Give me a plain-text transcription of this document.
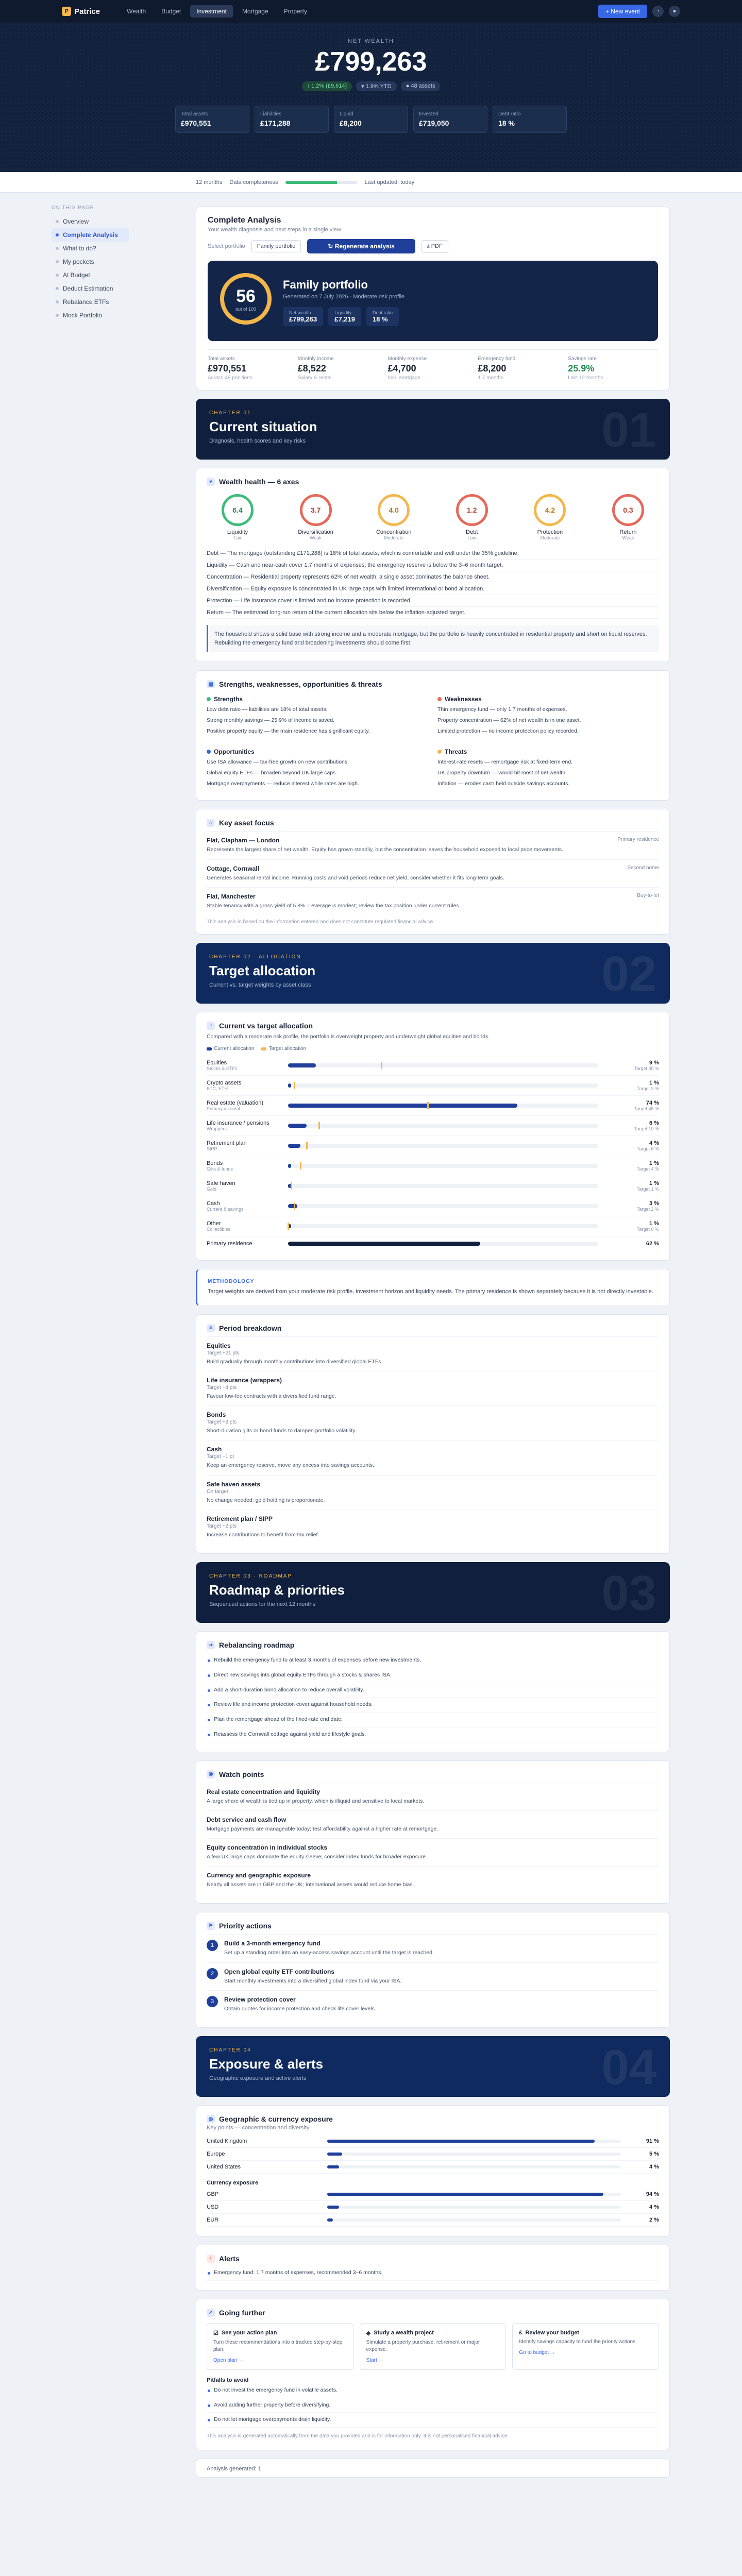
P Patrice	Wealth	Budget	Investment	Mortgage	Property	+ New event	◔	●
NET WEALTH
£799,263
↑ 1.2% (£9,614)	▾ 1.9% YTD	● 48 assets
Total assets
£970,551
Liabilities
£171,288
Liquid
£8,200
Invested
£719,050
Debt ratio
18 %
12 months Data completeness	Last updated: today
ON THIS PAGE
Overview
Complete Analysis
What to do?
My pockets
AI Budget
Deduct Estimation
Rebalance ETFs
Mock Portfolio
Complete Analysis
Your wealth diagnosis and next steps in a single view
Select portfolio	Family portfolio	↻ Regenerate analysis	⤓ PDF
56
out of 100
Family portfolio
Generated on 7 July 2026 · Moderate risk profile
Net wealth
£799,263
Liquidity
£7,219
Debt ratio
18 %
Total assets
£970,551
Across 48 positions
Monthly income
£8,522
Salary & rental
Monthly expense
£4,700
Incl. mortgage
Emergency fund
£8,200
1.7 months
Savings rate
25.9%
Last 12 months
CHAPTER 01
Current situation
Diagnosis, health scores and key risks	01
♥ Wealth health — 6 axes
6.4
Liquidity
Fair
3.7
Diversification
Weak
4.0
Concentration
Moderate
1.2
Debt
Low
4.2
Protection
Moderate
0.3
Return
Weak
Debt — The mortgage (outstanding £171,288) is 18% of total assets, which is comfortable and well under the 35% guideline.
Liquidity — Cash and near-cash cover 1.7 months of expenses; the emergency reserve is below the 3–6 month target.
Concentration — Residential property represents 62% of net wealth; a single asset dominates the balance sheet.
Diversification — Equity exposure is concentrated in UK large caps with limited international or bond allocation.
Protection — Life insurance cover is limited and no income protection is recorded.
Return — The estimated long-run return of the current allocation sits below the inflation-adjusted target.
The household shows a solid base with strong income and a moderate mortgage, but the portfolio is heavily concentrated in residential property and short on liquid reserves. Rebuilding the emergency fund and broadening investments should come first.
▦ Strengths, weaknesses, opportunities & threats
Strengths
Low debt ratio — liabilities are 18% of total assets.
Strong monthly savings — 25.9% of income is saved.
Positive property equity — the main residence has significant equity.
Weaknesses
Thin emergency fund — only 1.7 months of expenses.
Property concentration — 62% of net wealth is in one asset.
Limited protection — no income protection policy recorded.
Opportunities
Use ISA allowance — tax-free growth on new contributions.
Global equity ETFs — broaden beyond UK large caps.
Mortgage overpayments — reduce interest while rates are high.
Threats
Interest-rate resets — remortgage risk at fixed-term end.
UK property downturn — would hit most of net wealth.
Inflation — erodes cash held outside savings accounts.
⌂ Key asset focus
Flat, Clapham — London	Primary residence
Represents the largest share of net wealth. Equity has grown steadily, but the concentration leaves the household exposed to local price movements.
Cottage, Cornwall	Second home
Generates seasonal rental income. Running costs and void periods reduce net yield; consider whether it fits long-term goals.
Flat, Manchester	Buy-to-let
Stable tenancy with a gross yield of 5.8%. Leverage is modest; review the tax position under current rules.
This analysis is based on the information entered and does not constitute regulated financial advice.
CHAPTER 02 · ALLOCATION
Target allocation
Current vs. target weights by asset class	02
◔ Current vs target allocation
Compared with a moderate risk profile, the portfolio is overweight property and underweight global equities and bonds.
Current allocation	Target allocation
Equities
Stocks & ETFs
9 %
Target 30 %
Crypto assets
BTC, ETH
1 %
Target 2 %
Real estate (valuation)
Primary & rental
74 %
Target 45 %
Life insurance / pensions
Wrappers
6 %
Target 10 %
Retirement plan
SIPP
4 %
Target 6 %
Bonds
Gilts & funds
1 %
Target 4 %
Safe haven
Gold
1 %
Target 1 %
Cash
Current & savings
3 %
Target 2 %
Other
Collectibles
1 %
Target 0 %
Primary residence	62 %
METHODOLOGY
Target weights are derived from your moderate risk profile, investment horizon and liquidity needs. The primary residence is shown separately because it is not directly investable.
≡ Period breakdown
Equities
Target +21 pts
Build gradually through monthly contributions into diversified global ETFs.
Life insurance (wrappers)
Target +4 pts
Favour low-fee contracts with a diversified fund range.
Bonds
Target +3 pts
Short-duration gilts or bond funds to dampen portfolio volatility.
Cash
Target −1 pt
Keep an emergency reserve, move any excess into savings accounts.
Safe haven assets
On target
No change needed; gold holding is proportionate.
Retirement plan / SIPP
Target +2 pts
Increase contributions to benefit from tax relief.
CHAPTER 03 · ROADMAP
Roadmap & priorities
Sequenced actions for the next 12 months	03
➜ Rebalancing roadmap
Rebuild the emergency fund to at least 3 months of expenses before new investments.
Direct new savings into global equity ETFs through a stocks & shares ISA.
Add a short-duration bond allocation to reduce overall volatility.
Review life and income protection cover against household needs.
Plan the remortgage ahead of the fixed-rate end date.
Reassess the Cornwall cottage against yield and lifestyle goals.
◉ Watch points
Real estate concentration and liquidity
A large share of wealth is tied up in property, which is illiquid and sensitive to local markets.
Debt service and cash flow
Mortgage payments are manageable today; test affordability against a higher rate at remortgage.
Equity concentration in individual stocks
A few UK large caps dominate the equity sleeve; consider index funds for broader exposure.
Currency and geographic exposure
Nearly all assets are in GBP and the UK; international assets would reduce home bias.
⚑ Priority actions
1	Build a 3-month emergency fund
Set up a standing order into an easy-access savings account until the target is reached.
2	Open global equity ETF contributions
Start monthly investments into a diversified global index fund via your ISA.
3	Review protection cover
Obtain quotes for income protection and check life cover levels.
CHAPTER 04
Exposure & alerts
Geographic exposure and active alerts	04
◍ Geographic & currency exposure
Key points — concentration and diversity
United Kingdom	91 %
Europe	5 %
United States	4 %
Currency exposure
GBP	94 %
USD	4 %
EUR	2 %
!	Alerts
Emergency fund: 1.7 months of expenses, recommended 3–6 months.
➚ Going further
☑ See your action plan
Turn these recommendations into a tracked step-by-step plan.
Open plan →
◈ Study a wealth project
Simulate a property purchase, retirement or major expense.
Start →
£ Review your budget
Identify savings capacity to fund the priority actions.
Go to budget →
Pitfalls to avoid
Do not invest the emergency fund in volatile assets.
Avoid adding further property before diversifying.
Do not let mortgage overpayments drain liquidity.
This analysis is generated automatically from the data you provided and is for information only. It is not personalised financial advice.
Analysis generated: 1
